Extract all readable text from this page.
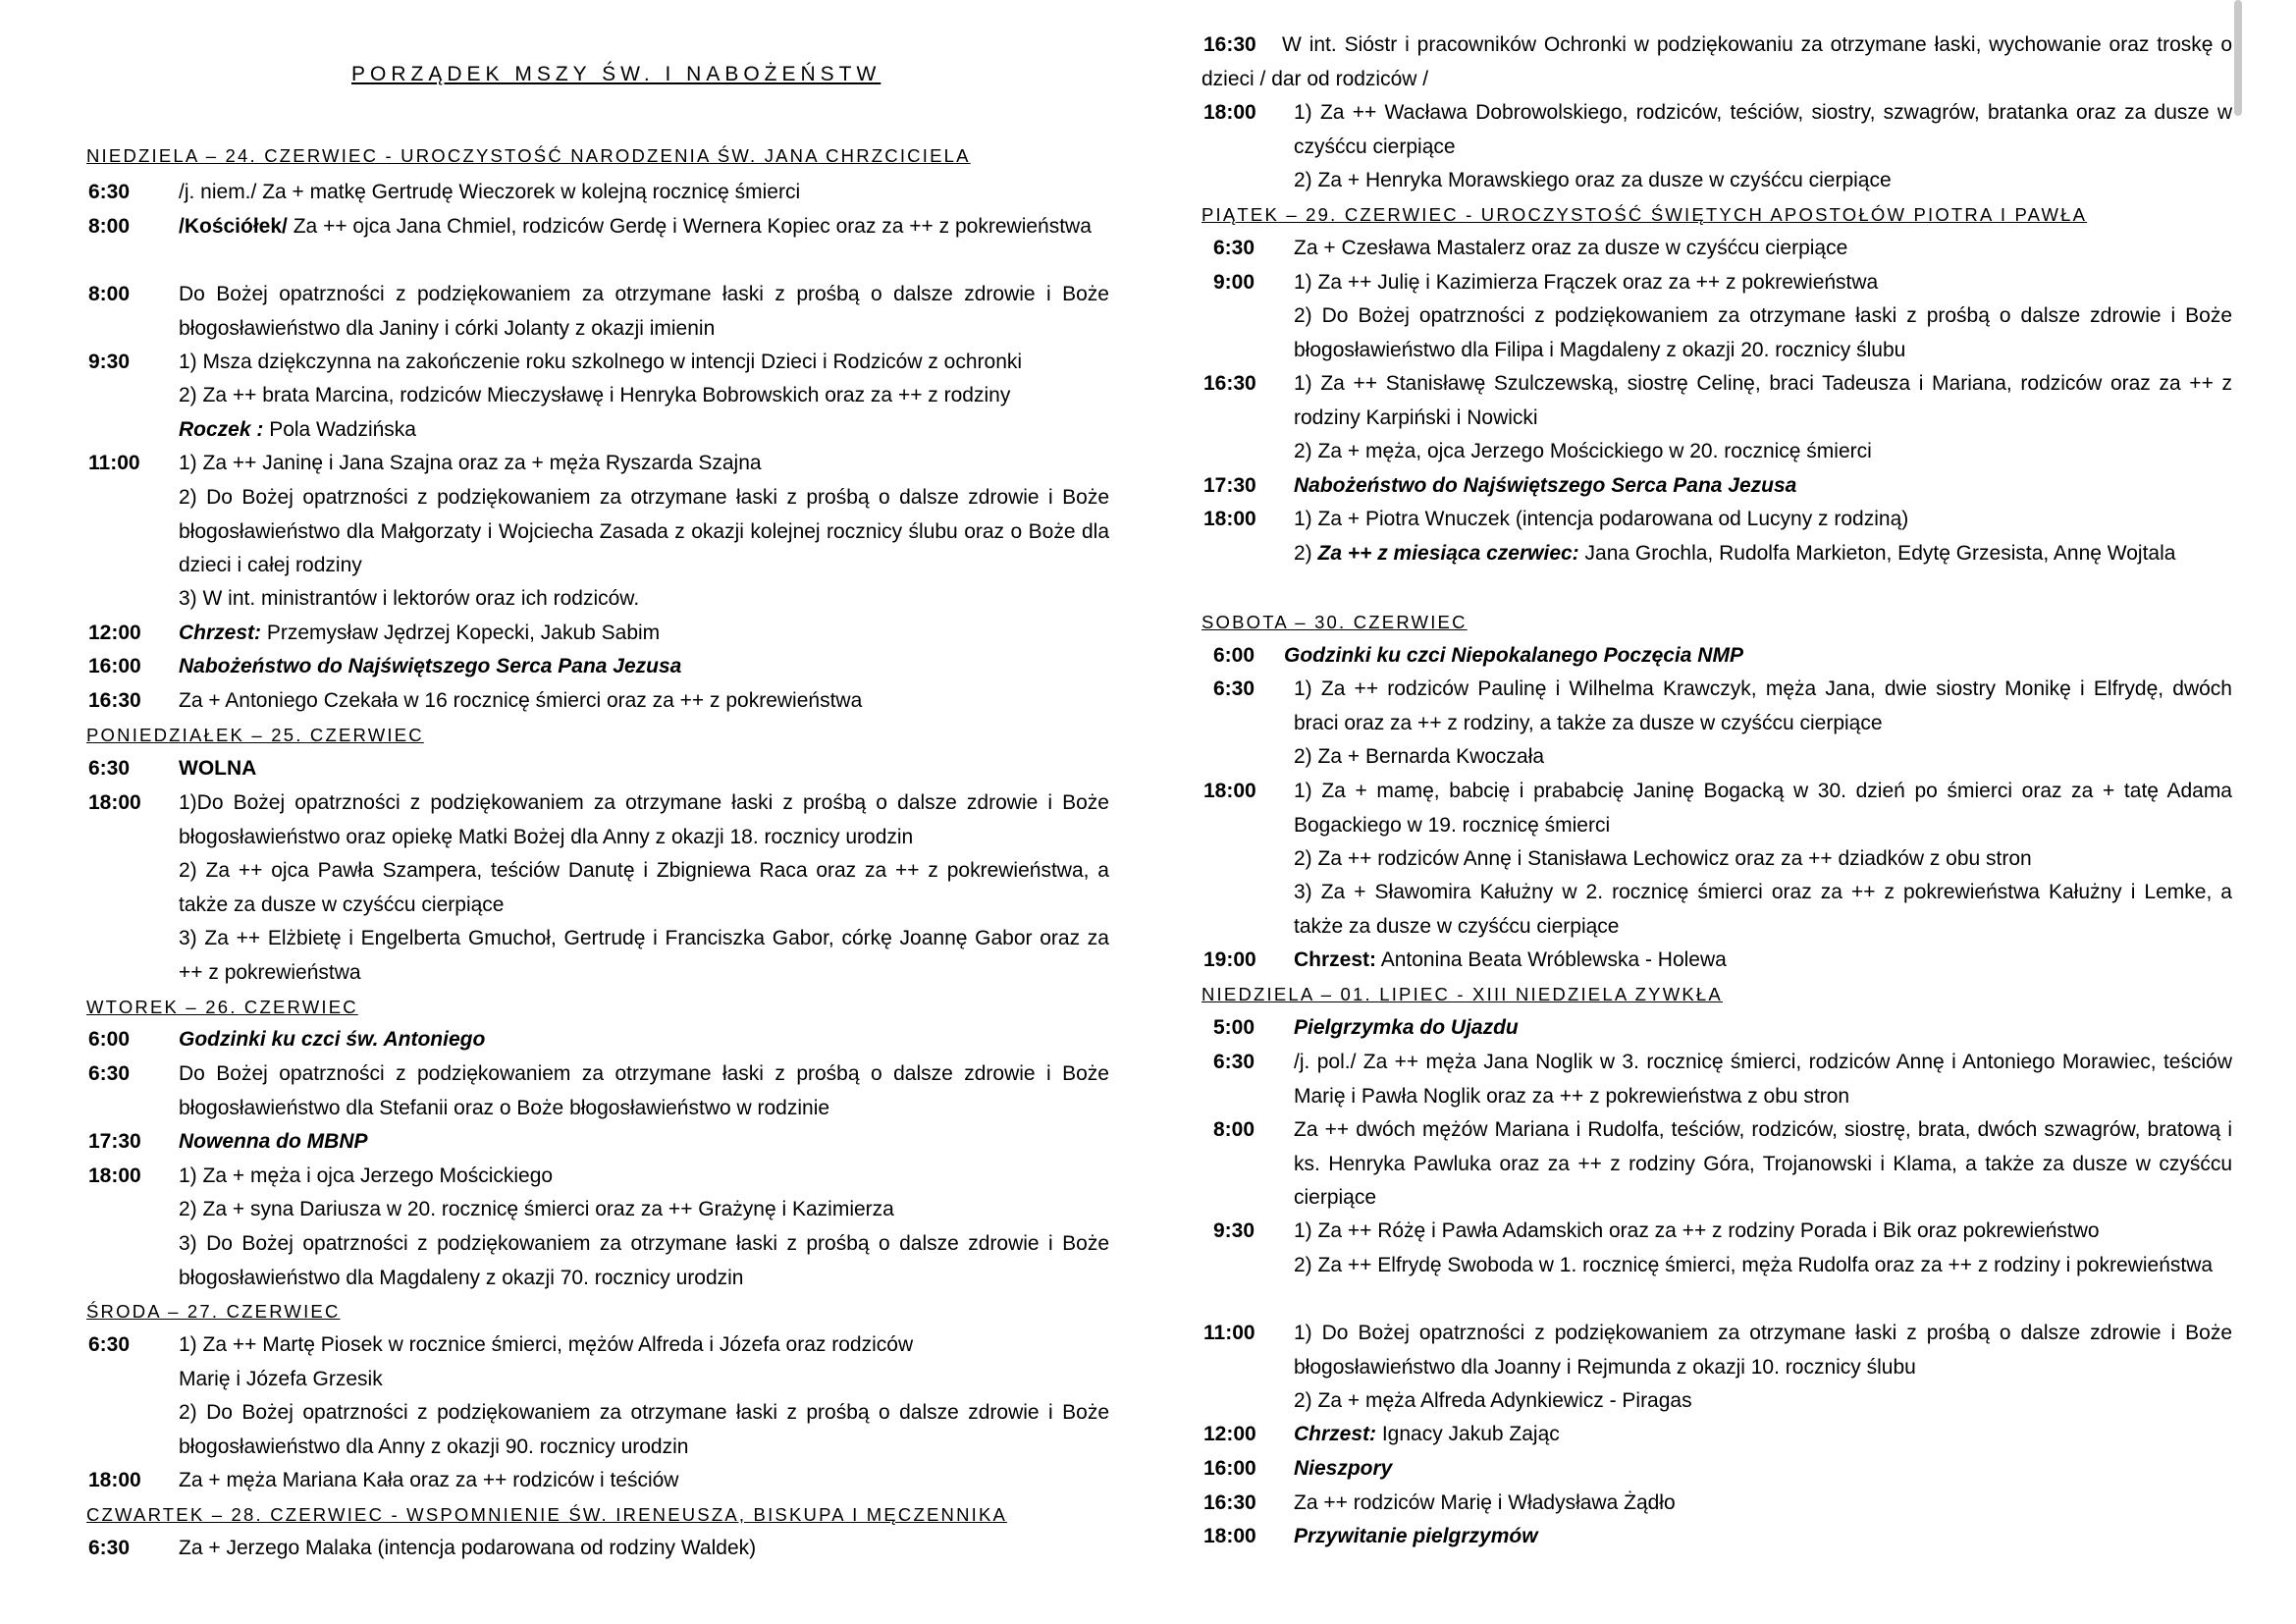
PORZĄDEK MSZY ŚW. I NABOŻEŃSTW
NIEDZIELA – 24. CZERWIEC - UROCZYSTOŚĆ NARODZENIA ŚW. JANA CHRZCICIELA
6:30	/j. niem./ Za + matkę Gertrudę Wieczorek w kolejną rocznicę śmierci
8:00	/Kościółek/ Za ++ ojca Jana Chmiel, rodziców Gerdę i Wernera Kopiec oraz za ++ z pokrewieństwa
8:00	Do Bożej opatrzności z podziękowaniem za otrzymane łaski z prośbą o dalsze zdrowie i Boże błogosławieństwo dla Janiny i córki Jolanty z okazji imienin
9:30	1) Msza dziękczynna na zakończenie roku szkolnego w intencji Dzieci i Rodziców z ochronki
2) Za ++ brata Marcina, rodziców Mieczysławę i Henryka Bobrowskich oraz za ++ z rodziny
Roczek : Pola Wadzińska
11:00	1) Za ++ Janinę i Jana Szajna oraz za + męża Ryszarda Szajna
2) Do Bożej opatrzności z podziękowaniem za otrzymane łaski z prośbą o dalsze zdrowie i Boże błogosławieństwo dla Małgorzaty i Wojciecha Zasada z okazji kolejnej rocznicy ślubu oraz o Boże dla dzieci i całej rodziny
3) W int. ministrantów i lektorów oraz ich rodziców.
12:00	Chrzest: Przemysław Jędrzej Kopecki, Jakub Sabim
16:00	Nabożeństwo do Najświętszego Serca Pana Jezusa
16:30	Za + Antoniego Czekała w 16 rocznicę śmierci oraz za ++ z pokrewieństwa
PONIEDZIAŁEK – 25. CZERWIEC
6:30	WOLNA
18:00	1)Do Bożej opatrzności z podziękowaniem za otrzymane łaski z prośbą o dalsze zdrowie i Boże błogosławieństwo oraz opiekę Matki Bożej dla Anny z okazji 18. rocznicy urodzin
2) Za ++ ojca Pawła Szampera, teściów Danutę i Zbigniewa Raca oraz za ++ z pokrewieństwa, a także za dusze w czyśćcu cierpiące
3) Za ++ Elżbietę i Engelberta Gmuchoł, Gertrudę i Franciszka Gabor, córkę Joannę Gabor oraz za ++ z pokrewieństwa
WTOREK – 26. CZERWIEC
6:00	Godzinki ku czci św. Antoniego
6:30	Do Bożej opatrzności z podziękowaniem za otrzymane łaski z prośbą o dalsze zdrowie i Boże błogosławieństwo dla Stefanii oraz o Boże błogosławieństwo w rodzinie
17:30	Nowenna do MBNP
18:00	1) Za + męża i ojca Jerzego Mościckiego
2) Za + syna Dariusza w 20. rocznicę śmierci oraz za ++ Grażynę i Kazimierza
3) Do Bożej opatrzności z podziękowaniem za otrzymane łaski z prośbą o dalsze zdrowie i Boże błogosławieństwo dla Magdaleny z okazji 70. rocznicy urodzin
ŚRODA – 27. CZERWIEC
6:30	1) Za ++ Martę Piosek w rocznice śmierci, mężów Alfreda i Józefa oraz rodziców
Marię i Józefa Grzesik
2) Do Bożej opatrzności z podziękowaniem za otrzymane łaski z prośbą o dalsze zdrowie i Boże błogosławieństwo dla Anny z okazji 90. rocznicy urodzin
18:00	Za + męża Mariana Kała oraz za ++ rodziców i teściów
CZWARTEK – 28. CZERWIEC - WSPOMNIENIE ŚW. IRENEUSZA, BISKUPA I MĘCZENNIKA
6:30	Za + Jerzego Malaka (intencja podarowana od rodziny Waldek)
16:30	W int. Sióstr i pracowników Ochronki w podziękowaniu za otrzymane łaski, wychowanie oraz troskę o dzieci / dar od rodziców /
18:00	1) Za ++ Wacława Dobrowolskiego, rodziców, teściów, siostry, szwagrów, bratanka oraz za dusze w czyśćcu cierpiące
2) Za + Henryka Morawskiego oraz za dusze w czyśćcu cierpiące
PIĄTEK – 29. CZERWIEC - UROCZYSTOŚĆ ŚWIĘTYCH APOSTOŁÓW PIOTRA I PAWŁA
6:30	Za + Czesława Mastalerz oraz za dusze w czyśćcu cierpiące
9:00	1) Za ++ Julię i Kazimierza Frączek oraz za ++ z pokrewieństwa
2) Do Bożej opatrzności z podziękowaniem za otrzymane łaski z prośbą o dalsze zdrowie i Boże błogosławieństwo dla Filipa i Magdaleny z okazji 20. rocznicy ślubu
16:30	1) Za ++ Stanisławę Szulczewską, siostrę Celinę, braci Tadeusza i Mariana, rodziców oraz za ++ z rodziny Karpiński i Nowicki
2) Za + męża, ojca Jerzego Mościckiego w 20. rocznicę śmierci
17:30	Nabożeństwo do Najświętszego Serca Pana Jezusa
18:00	1) Za + Piotra Wnuczek (intencja podarowana od Lucyny z rodziną)
2) Za ++ z miesiąca czerwiec: Jana Grochla, Rudolfa Markieton, Edytę Grzesista, Annę Wojtala
SOBOTA – 30. CZERWIEC
6:00	Godzinki ku czci Niepokalanego Poczęcia NMP
6:30	1) Za ++ rodziców Paulinę i Wilhelma Krawczyk, męża Jana, dwie siostry Monikę i Elfrydę, dwóch braci oraz za ++ z rodziny, a także za dusze w czyśćcu cierpiące
2) Za + Bernarda Kwoczała
18:00	1) Za + mamę, babcię i prababcię Janinę Bogacką w 30. dzień po śmierci oraz za + tatę Adama Bogackiego w 19. rocznicę śmierci
2) Za ++ rodziców Annę i Stanisława Lechowicz oraz za ++ dziadków z obu stron
3) Za + Sławomira Kałużny w 2. rocznicę śmierci oraz za ++ z pokrewieństwa Kałużny i Lemke, a także za dusze w czyśćcu cierpiące
19:00	Chrzest: Antonina Beata Wróblewska - Holewa
NIEDZIELA – 01. LIPIEC - XIII NIEDZIELA ZYWKŁA
5:00	Pielgrzymka do Ujazdu
6:30	/j. pol./ Za ++ męża Jana Noglik w 3. rocznicę śmierci, rodziców Annę i Antoniego Morawiec, teściów Marię i Pawła Noglik oraz za ++ z pokrewieństwa z obu stron
8:00	Za ++ dwóch mężów Mariana i Rudolfa, teściów, rodziców, siostrę, brata, dwóch szwagrów, bratową i ks. Henryka Pawluka oraz za ++ z rodziny Góra, Trojanowski i Klama, a także za dusze w czyśćcu cierpiące
9:30	1) Za ++ Różę i Pawła Adamskich oraz za ++ z rodziny Porada i Bik oraz pokrewieństwo
2) Za ++ Elfrydę Swoboda w 1. rocznicę śmierci, męża Rudolfa oraz za ++ z rodziny i pokrewieństwa
11:00	1) Do Bożej opatrzności z podziękowaniem za otrzymane łaski z prośbą o dalsze zdrowie i Boże błogosławieństwo dla Joanny i Rejmunda z okazji 10. rocznicy ślubu
2) Za + męża Alfreda Adynkiewicz - Piragas
12:00	Chrzest: Ignacy Jakub Zając
16:00	Nieszpory
16:30	Za ++ rodziców Marię i Władysława Żądło
18:00	Przywitanie pielgrzymów
